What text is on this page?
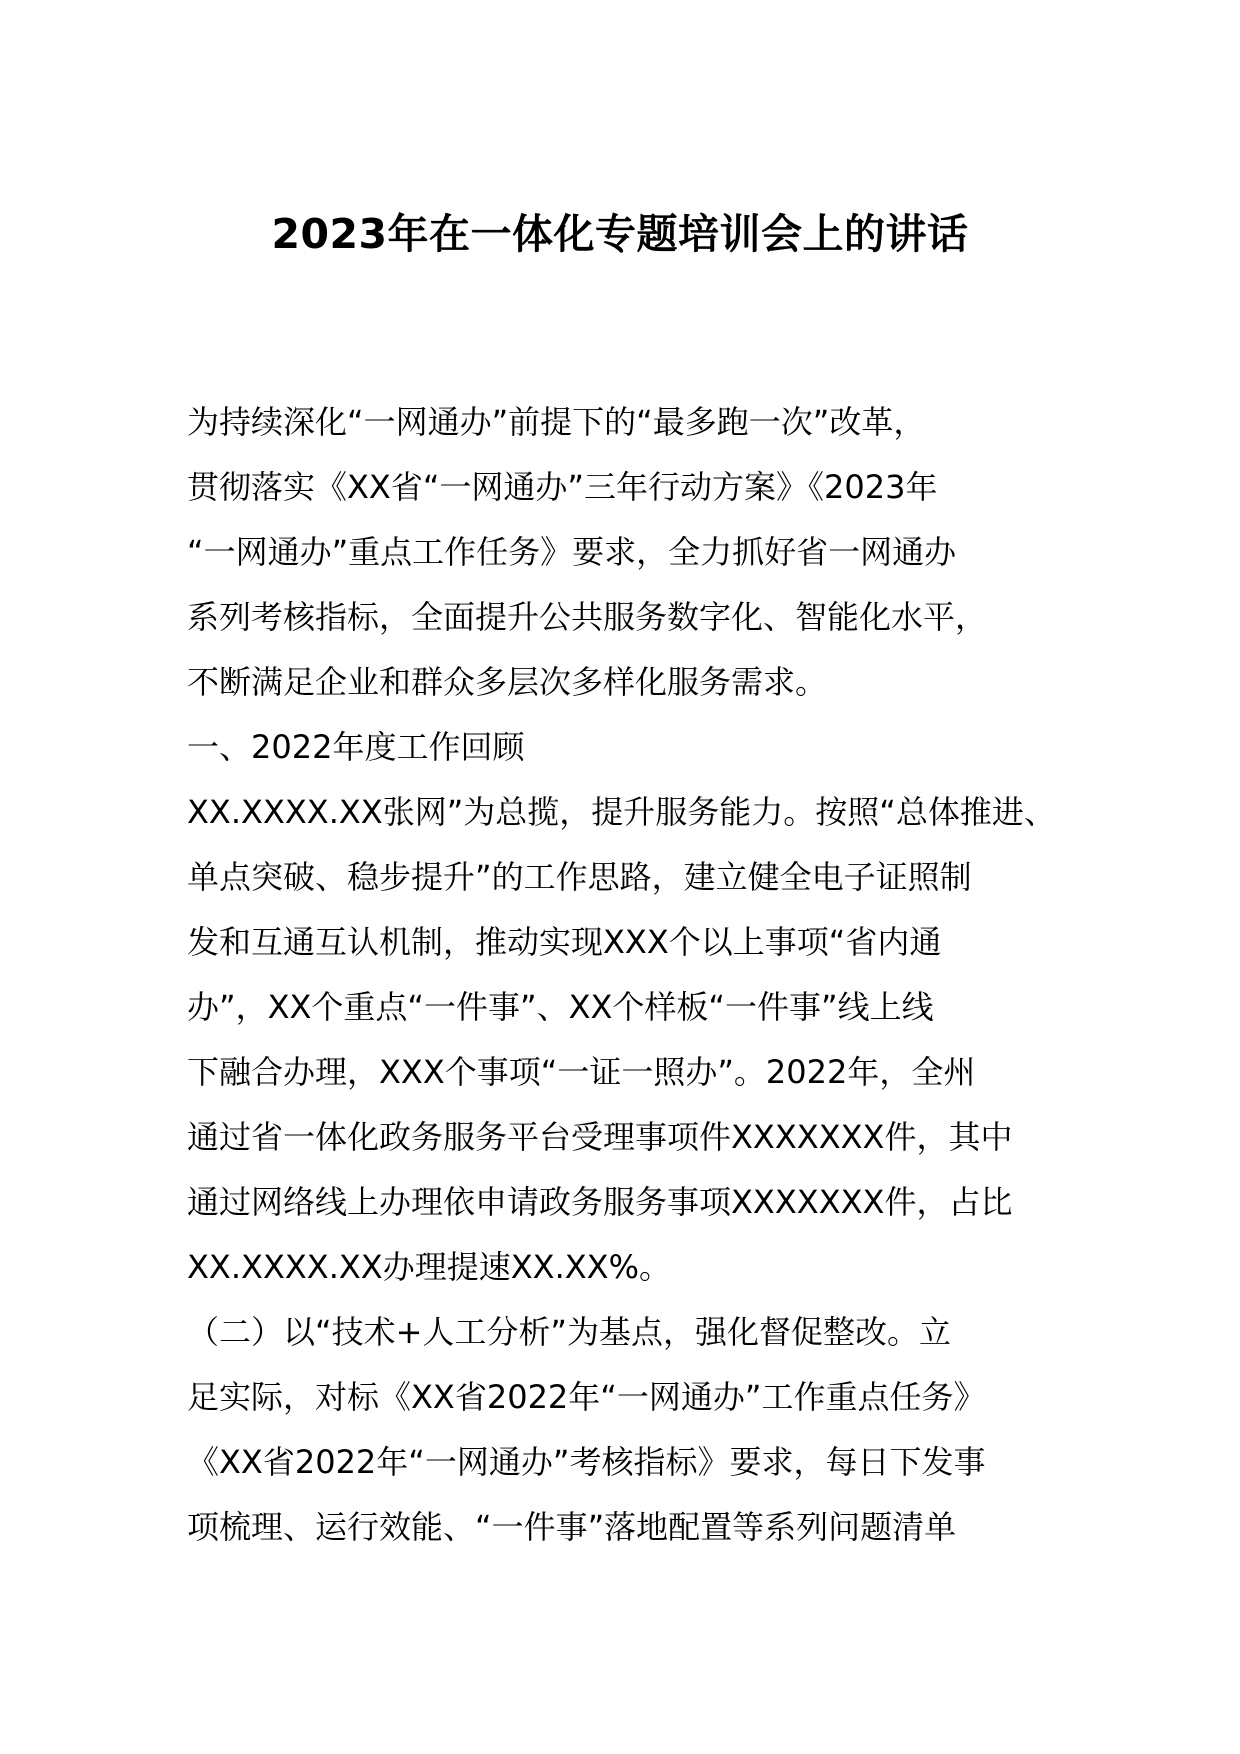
2023年在一体化专题培训会上的讲话
为持续深化“一网通办”前提下的“最多跑一次”改革，
贯彻落实《XX省“一网通办”三年行动方案》《2023年
“一网通办”重点工作任务》要求，全力抓好省一网通办
系列考核指标，全面提升公共服务数字化、智能化水平，
不断满足企业和群众多层次多样化服务需求。
一、2022年度工作回顾
XX.XXXX.XX张网”为总揽，提升服务能力。按照“总体推进、
单点突破、稳步提升”的工作思路，建立健全电子证照制
发和互通互认机制，推动实现XXX个以上事项“省内通
办”，XX个重点“一件事”、XX个样板“一件事”线上线
下融合办理，XXX个事项“一证一照办”。2022年，全州
通过省一体化政务服务平台受理事项件XXXXXXX件，其中
通过网络线上办理依申请政务服务事项XXXXXXX件，占比
XX.XXXX.XX办理提速XX.XX%。
（二）以“技术+人工分析”为基点，强化督促整改。立
足实际，对标《XX省2022年“一网通办”工作重点任务》
《XX省2022年“一网通办”考核指标》要求，每日下发事
项梳理、运行效能、“一件事”落地配置等系列问题清单
